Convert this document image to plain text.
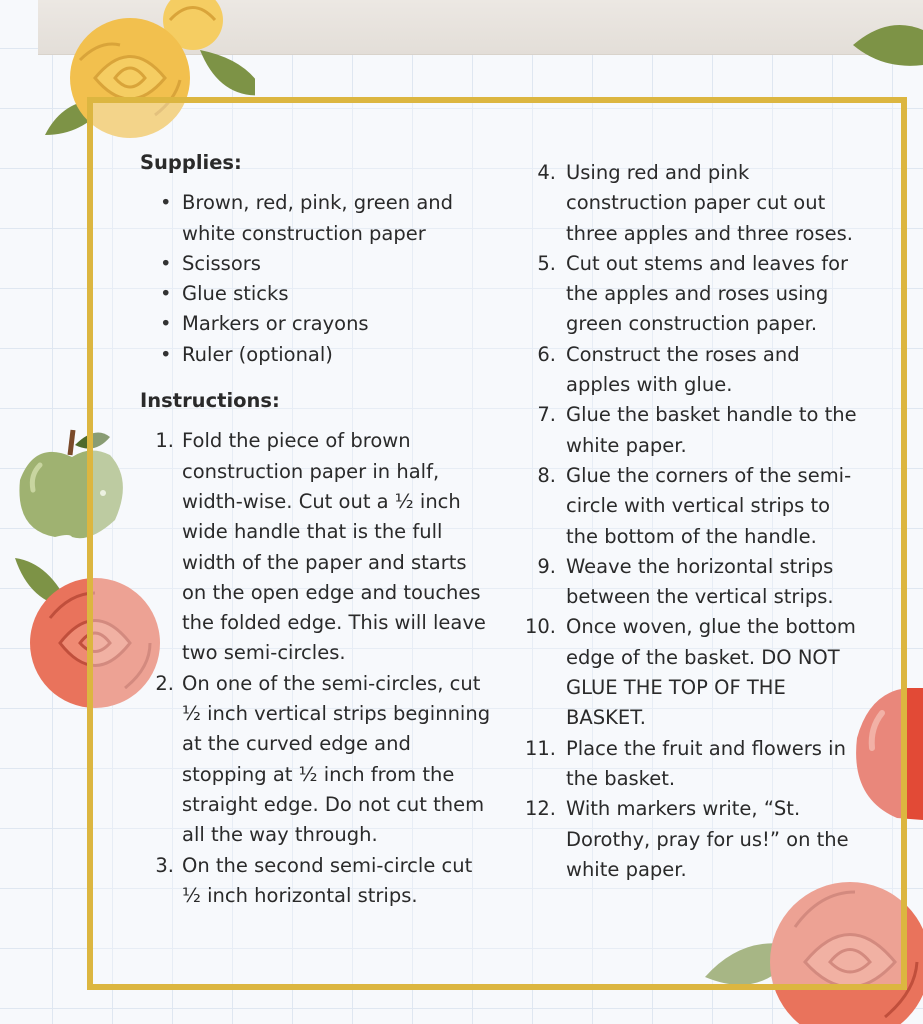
Supplies:
• Brown, red, pink, green and white construction paper
• Scissors
• Glue sticks
• Markers or crayons
• Ruler (optional)
Instructions:
1. Fold the piece of brown construction paper in half, width-wise. Cut out a ½ inch wide handle that is the full width of the paper and starts on the open edge and touches the folded edge. This will leave two semi-circles.
2. On one of the semi-circles, cut ½ inch vertical strips beginning at the curved edge and stopping at ½ inch from the straight edge. Do not cut them all the way through.
3. On the second semi-circle cut ½ inch horizontal strips.
4. Using red and pink construction paper cut out three apples and three roses.
5. Cut out stems and leaves for the apples and roses using green construction paper.
6. Construct the roses and apples with glue.
7. Glue the basket handle to the white paper.
8. Glue the corners of the semi-circle with vertical strips to the bottom of the handle.
9. Weave the horizontal strips between the vertical strips.
10. Once woven, glue the bottom edge of the basket. DO NOT GLUE THE TOP OF THE BASKET.
11. Place the fruit and flowers in the basket.
12. With markers write, “St. Dorothy, pray for us!” on the white paper.
